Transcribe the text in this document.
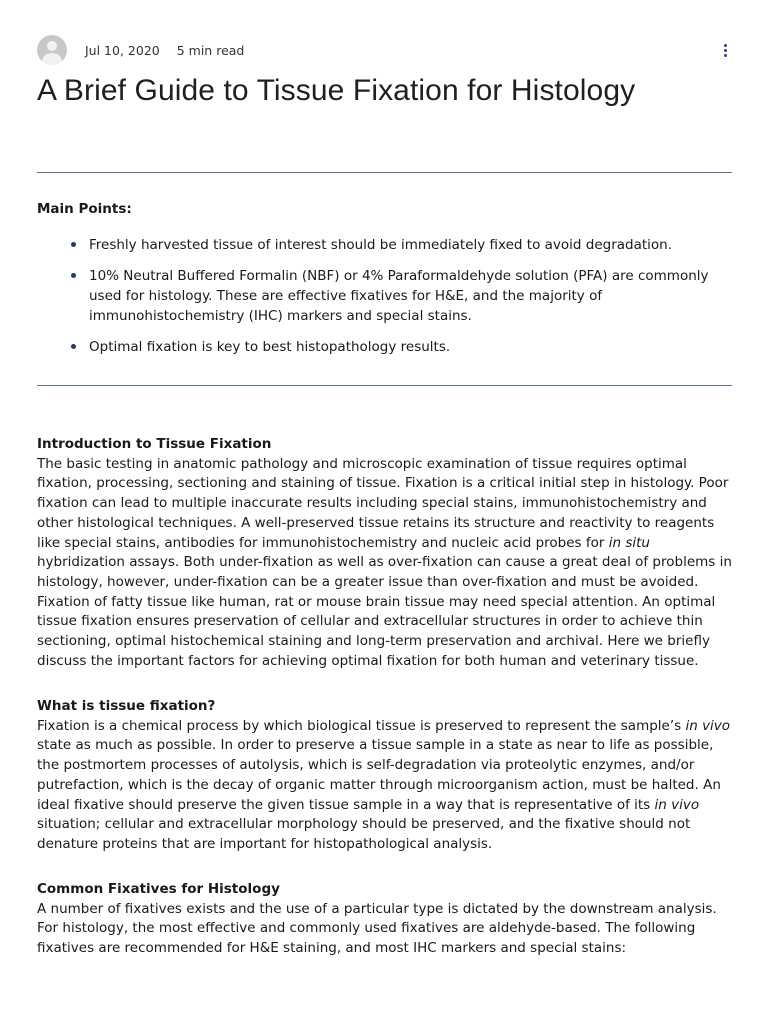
Jul 10, 2020 5 min read
A Brief Guide to Tissue Fixation for Histology

Main Points:

Freshly harvested tissue of interest should be immediately fixed to avoid degradation.
10% Neutral Buffered Formalin (NBF) or 4% Paraformaldehyde solution (PFA) are commonly used for histology. These are effective fixatives for H&E, and the majority of immunohistochemistry (IHC) markers and special stains.
Optimal fixation is key to best histopathology results.
Introduction to Tissue Fixation

The basic testing in anatomic pathology and microscopic examination of tissue requires optimal fixation, processing, sectioning and staining of tissue. Fixation is a critical initial step in histology. Poor fixation can lead to multiple inaccurate results including special stains, immunohistochemistry and other histological techniques. A well-preserved tissue retains its structure and reactivity to reagents like special stains, antibodies for immunohistochemistry and nucleic acid probes for in situ hybridization assays. Both under-fixation as well as over-fixation can cause a great deal of problems in histology, however, under-fixation can be a greater issue than over-fixation and must be avoided. Fixation of fatty tissue like human, rat or mouse brain tissue may need special attention. An optimal tissue fixation ensures preservation of cellular and extracellular structures in order to achieve thin sectioning, optimal histochemical staining and long-term preservation and archival. Here we briefly discuss the important factors for achieving optimal fixation for both human and veterinary tissue.

What is tissue fixation?

Fixation is a chemical process by which biological tissue is preserved to represent the sample’s in vivo state as much as possible. In order to preserve a tissue sample in a state as near to life as possible, the postmortem processes of autolysis, which is self-degradation via proteolytic enzymes, and/or putrefaction, which is the decay of organic matter through microorganism action, must be halted. An ideal fixative should preserve the given tissue sample in a way that is representative of its in vivo situation; cellular and extracellular morphology should be preserved, and the fixative should not denature proteins that are important for histopathological analysis.

Common Fixatives for Histology

A number of fixatives exists and the use of a particular type is dictated by the downstream analysis. For histology, the most effective and commonly used fixatives are aldehyde-based. The following fixatives are recommended for H&E staining, and most IHC markers and special stains:
